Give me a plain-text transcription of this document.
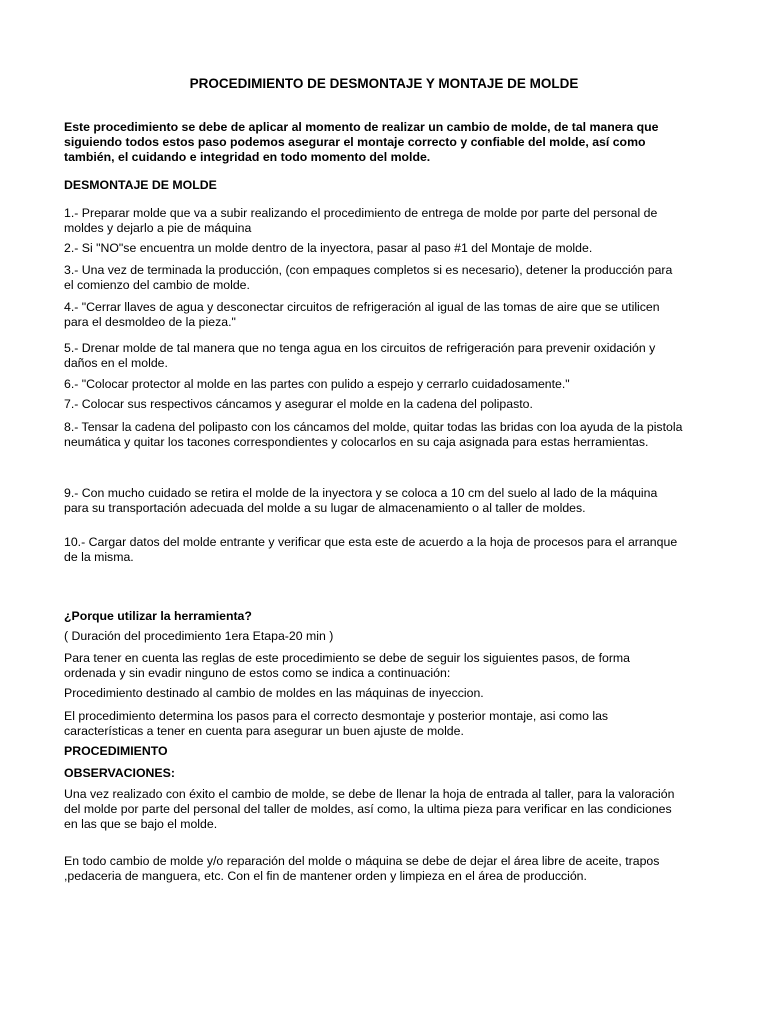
PROCEDIMIENTO DE DESMONTAJE Y MONTAJE DE MOLDE

Este procedimiento se debe de aplicar al momento de realizar un cambio de molde, de tal manera que siguiendo todos estos paso podemos asegurar el montaje correcto y confiable del molde, así como también, el cuidando e integridad en todo momento del molde.

DESMONTAJE DE MOLDE

1.- Preparar molde que va a subir realizando el procedimiento de entrega de molde por parte del personal de moldes y dejarlo a pie de máquina

2.- Si "NO"se encuentra un molde dentro de la inyectora, pasar al paso #1 del Montaje de molde.

3.- Una vez de terminada la producción, (con empaques completos si es necesario), detener la producción para el comienzo del cambio de molde.

4.- "Cerrar llaves de agua y desconectar circuitos de refrigeración al igual de las tomas de aire que se utilicen para el desmoldeo de la pieza."

5.- Drenar molde de tal manera que no tenga agua en los circuitos de refrigeración para prevenir oxidación y daños en el molde.

6.- "Colocar protector al molde en las partes con pulido a espejo y cerrarlo cuidadosamente."

7.- Colocar sus respectivos cáncamos y asegurar el molde en la cadena del polipasto.

8.- Tensar la cadena del polipasto con los cáncamos del molde, quitar todas las bridas con loa ayuda de la pistola neumática y quitar los tacones correspondientes y colocarlos en su caja asignada para estas herramientas.

9.- Con mucho cuidado se retira el molde de la inyectora y se coloca a 10 cm del suelo al lado de la máquina para su transportación adecuada del molde a su lugar de almacenamiento o al taller de moldes.

10.- Cargar datos del molde entrante y verificar que esta este de acuerdo a la hoja de procesos para el arranque de la misma.

¿Porque utilizar la herramienta?

( Duración del procedimiento 1era Etapa-20 min )

Para tener en cuenta las reglas de este procedimiento se debe de seguir los siguientes pasos, de forma ordenada y sin evadir ninguno de estos como se indica a continuación:

Procedimiento destinado al cambio de moldes en las máquinas de inyeccion.

El procedimiento determina los pasos para el correcto desmontaje y posterior montaje, asi como las características a tener en cuenta para asegurar un buen ajuste de molde.

PROCEDIMIENTO

OBSERVACIONES:

Una vez realizado con éxito el cambio de molde, se debe de llenar la hoja de entrada al taller, para la valoración del molde por parte del personal del taller de moldes, así como, la ultima pieza para verificar en las condiciones en las que se bajo el molde.

En todo cambio de molde y/o reparación del molde o máquina se debe de dejar el área libre de aceite, trapos ,pedaceria de manguera, etc. Con el fin de mantener orden y limpieza en el área de producción.
